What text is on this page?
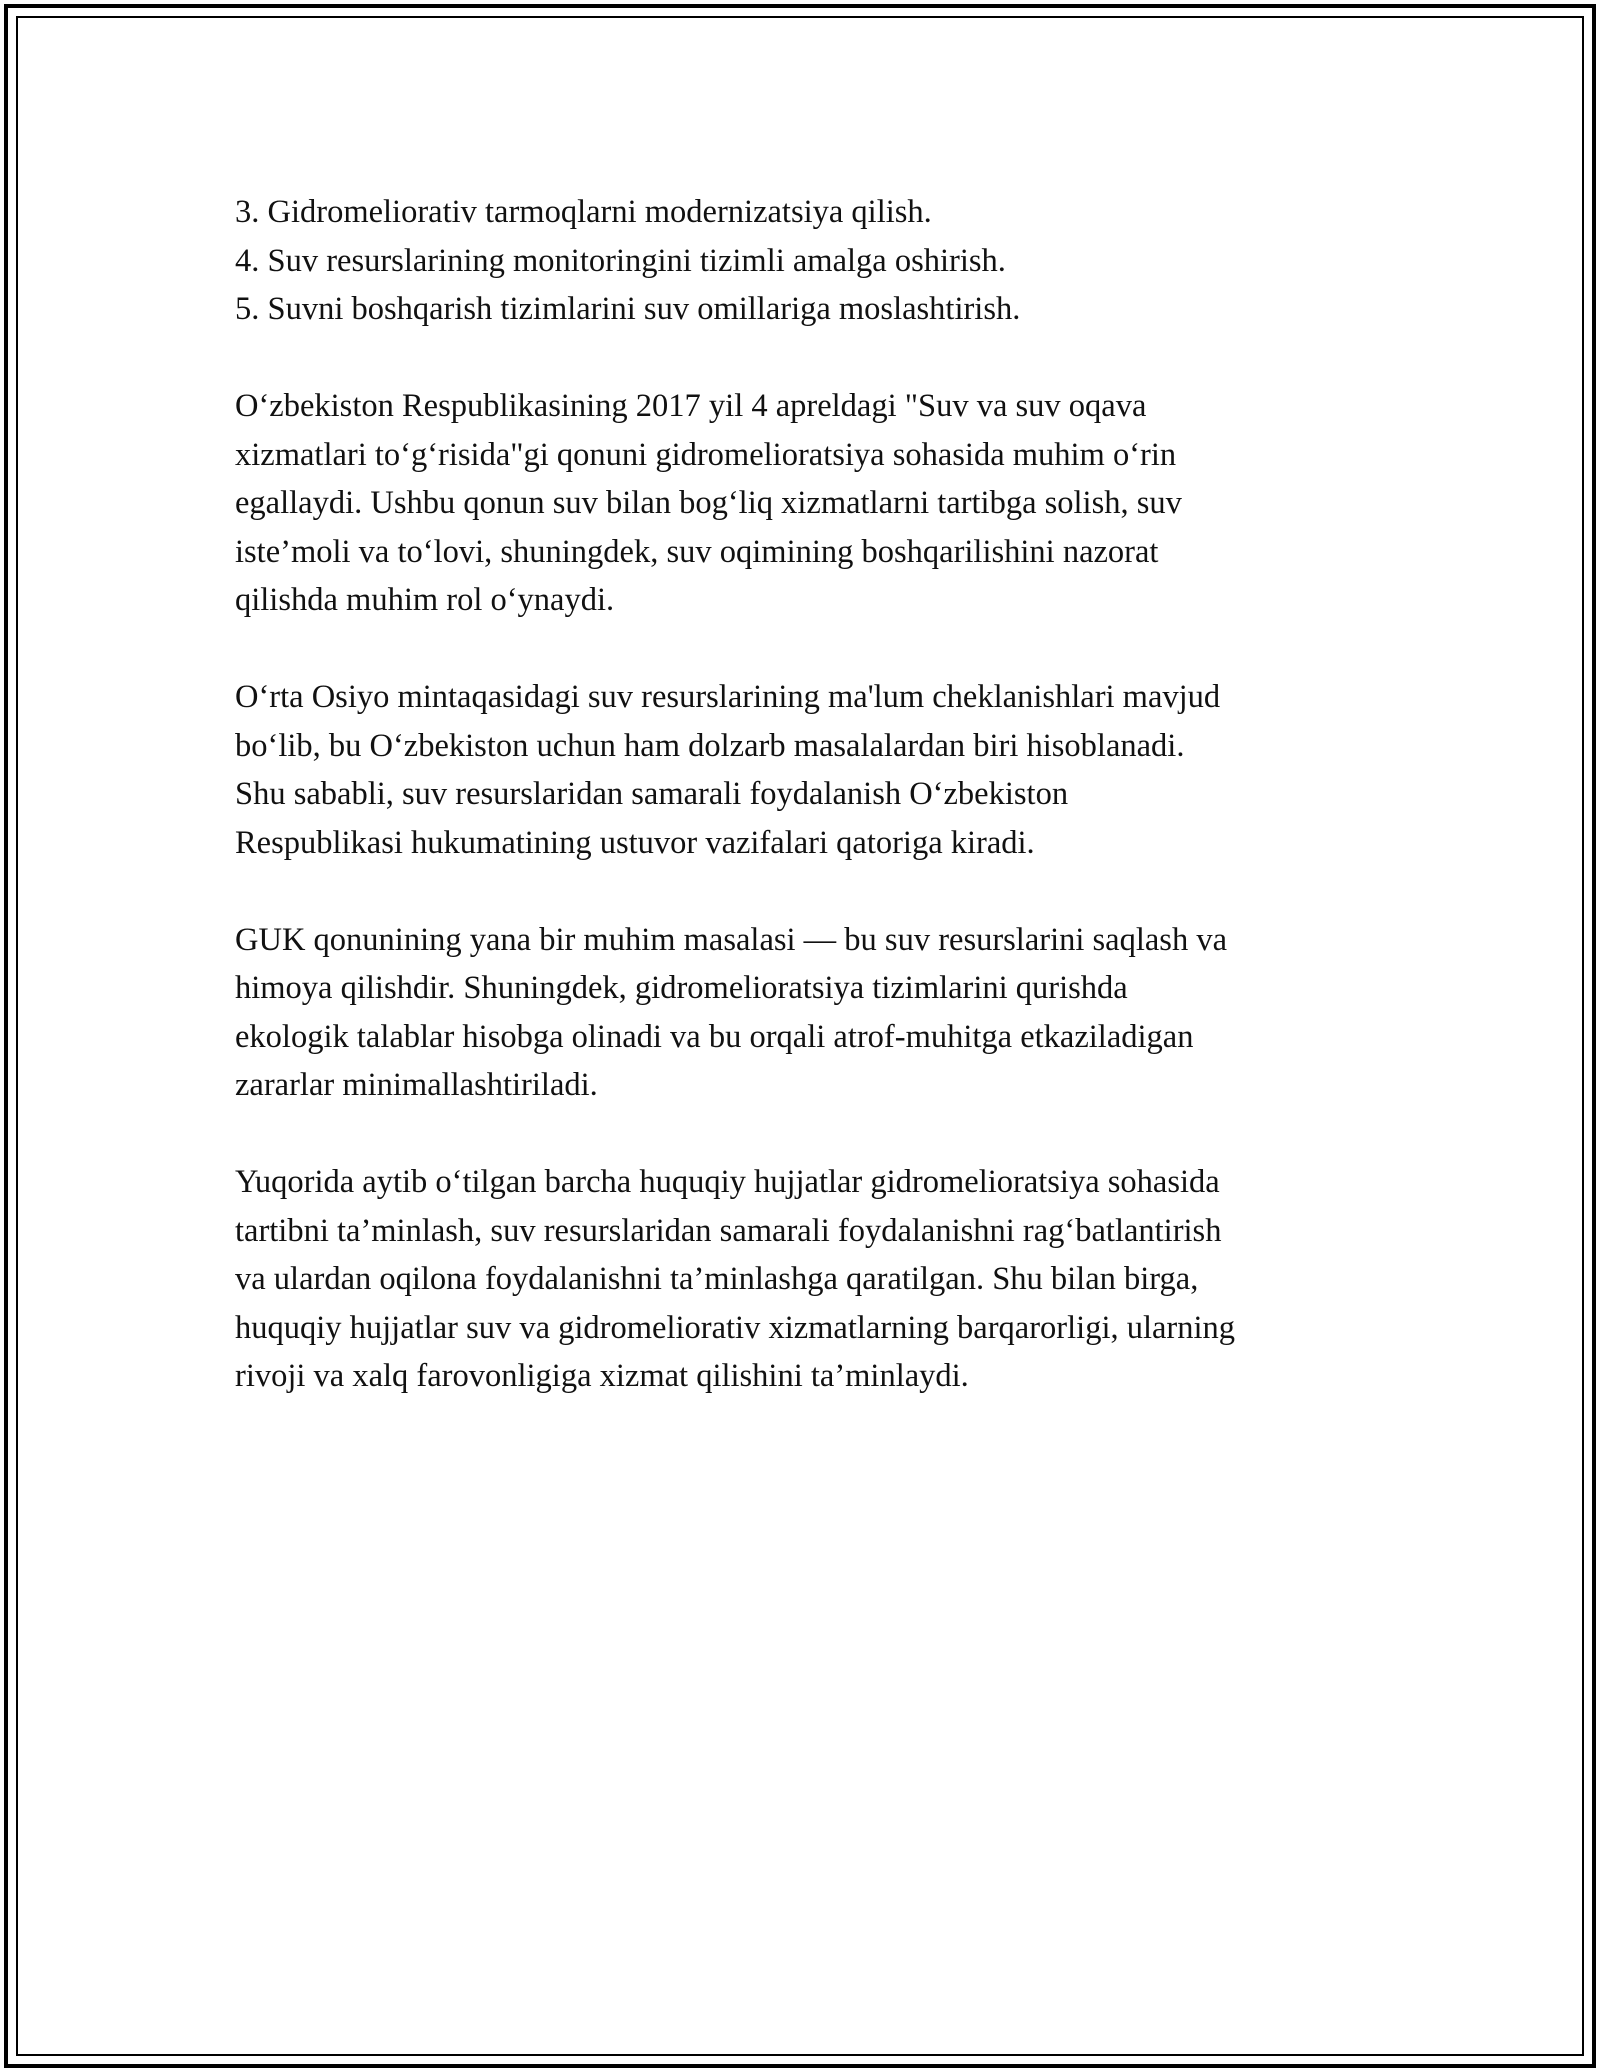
3. Gidromeliorativ tarmoqlarni modernizatsiya qilish.
4. Suv resurslarining monitoringini tizimli amalga oshirish.
5. Suvni boshqarish tizimlarini suv omillariga moslashtirish.

Oʻzbekiston Respublikasining 2017 yil 4 apreldagi "Suv va suv oqava
xizmatlari toʻgʻrisida"gi qonuni gidromelioratsiya sohasida muhim oʻrin
egallaydi. Ushbu qonun suv bilan bogʻliq xizmatlarni tartibga solish, suv
iste’moli va toʻlovi, shuningdek, suv oqimining boshqarilishini nazorat
qilishda muhim rol oʻynaydi.

Oʻrta Osiyo mintaqasidagi suv resurslarining ma'lum cheklanishlari mavjud
boʻlib, bu Oʻzbekiston uchun ham dolzarb masalalardan biri hisoblanadi.
Shu sababli, suv resurslaridan samarali foydalanish Oʻzbekiston
Respublikasi hukumatining ustuvor vazifalari qatoriga kiradi.

GUK qonunining yana bir muhim masalasi — bu suv resurslarini saqlash va
himoya qilishdir. Shuningdek, gidromelioratsiya tizimlarini qurishda
ekologik talablar hisobga olinadi va bu orqali atrof-muhitga etkaziladigan
zararlar minimallashtiriladi.

Yuqorida aytib oʻtilgan barcha huquqiy hujjatlar gidromelioratsiya sohasida
tartibni ta’minlash, suv resurslaridan samarali foydalanishni ragʻbatlantirish
va ulardan oqilona foydalanishni ta’minlashga qaratilgan. Shu bilan birga,
huquqiy hujjatlar suv va gidromeliorativ xizmatlarning barqarorligi, ularning
rivoji va xalq farovonligiga xizmat qilishini ta’minlaydi.
